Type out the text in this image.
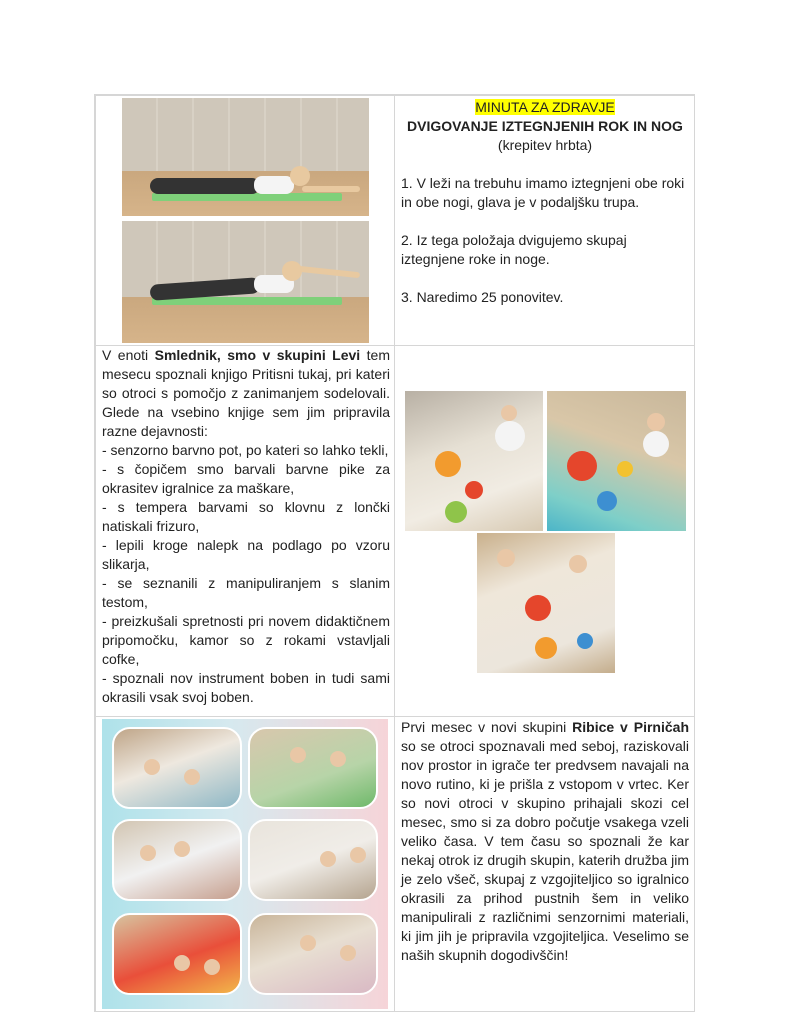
MINUTA ZA ZDRAVJE

DVIGOVANJE IZTEGNJENIH ROK IN NOG

(krepitev hrbta)

1. V leži na trebuhu imamo iztegnjeni obe roki in obe nogi, glava je v podaljšku trupa.

2. Iz tega položaja dvigujemo skupaj iztegnjene roke in noge.

3. Naredimo 25 ponovitev.

V enoti Smlednik, smo v skupini Levi tem mesecu spoznali knjigo Pritisni tukaj, pri kateri so otroci s pomočjo z zanimanjem sodelovali. Glede na vsebino knjige sem jim pripravila razne dejavnosti:

- senzorno barvno pot, po kateri so lahko tekli,

- s čopičem smo barvali barvne pike za okrasitev igralnice za maškare,

- s tempera barvami so klovnu z lončki natiskali frizuro,

- lepili kroge nalepk na podlago po vzoru slikarja,

- se seznanili z manipuliranjem s slanim testom,

- preizkušali spretnosti pri novem didaktičnem pripomočku, kamor so z rokami vstavljali cofke,

- spoznali nov instrument boben in tudi sami okrasili vsak svoj boben.

Prvi mesec v novi skupini Ribice v Pirničah so se otroci spoznavali med seboj, raziskovali nov prostor in igrače ter predvsem navajali na novo rutino, ki je prišla z vstopom v vrtec. Ker so novi otroci v skupino prihajali skozi cel mesec, smo si za dobro počutje vsakega vzeli veliko časa. V tem času so spoznali že kar nekaj otrok iz drugih skupin, katerih družba jim je zelo všeč, skupaj z vzgojiteljico so igralnico okrasili za prihod pustnih šem in veliko manipulirali z različnimi senzornimi materiali, ki jim jih je pripravila vzgojiteljica. Veselimo se naših skupnih dogodivščin!
